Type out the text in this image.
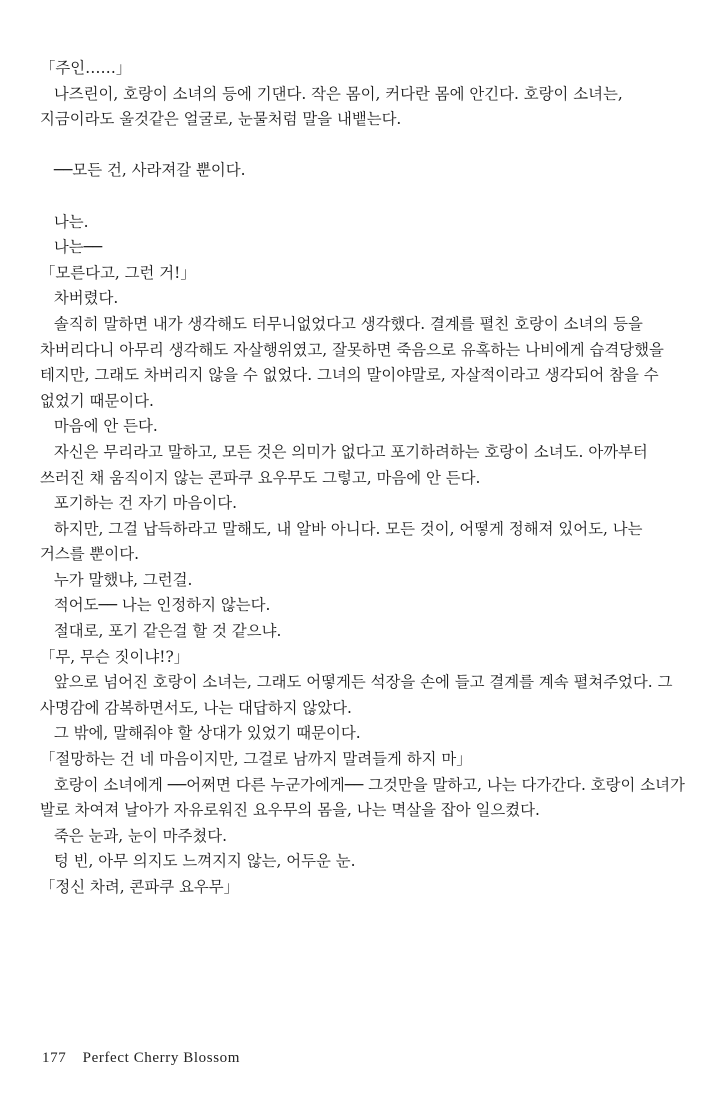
「주인……」

나즈린이, 호랑이 소녀의 등에 기댄다. 작은 몸이, 커다란 몸에 안긴다. 호랑이 소녀는, 지금이라도 울것같은 얼굴로, 눈물처럼 말을 내뱉는다.

──모든 건, 사라져갈 뿐이다.

나는.

나는──

「모른다고, 그런 거!」

차버렸다.

솔직히 말하면 내가 생각해도 터무니없었다고 생각했다. 결계를 펼친 호랑이 소녀의 등을 차버리다니 아무리 생각해도 자살행위였고, 잘못하면 죽음으로 유혹하는 나비에게 습격당했을 테지만, 그래도 차버리지 않을 수 없었다. 그녀의 말이야말로, 자살적이라고 생각되어 참을 수 없었기 때문이다.

마음에 안 든다.

자신은 무리라고 말하고, 모든 것은 의미가 없다고 포기하려하는 호랑이 소녀도. 아까부터 쓰러진 채 움직이지 않는 콘파쿠 요우무도 그렇고, 마음에 안 든다.

포기하는 건 자기 마음이다.

하지만, 그걸 납득하라고 말해도, 내 알바 아니다. 모든 것이, 어떻게 정해져 있어도, 나는 거스를 뿐이다.

누가 말했냐, 그런걸.

적어도── 나는 인정하지 않는다.

절대로, 포기 같은걸 할 것 같으냐.

「무, 무슨 짓이냐!?」

앞으로 넘어진 호랑이 소녀는, 그래도 어떻게든 석장을 손에 들고 결계를 계속 펼쳐주었다. 그 사명감에 감복하면서도, 나는 대답하지 않았다.

그 밖에, 말해줘야 할 상대가 있었기 때문이다.

「절망하는 건 네 마음이지만, 그걸로 남까지 말려들게 하지 마」

호랑이 소녀에게 ──어쩌면 다른 누군가에게── 그것만을 말하고, 나는 다가간다. 호랑이 소녀가 발로 차여져 날아가 자유로워진 요우무의 몸을, 나는 멱살을 잡아 일으켰다.

죽은 눈과, 눈이 마주쳤다.

텅 빈, 아무 의지도 느껴지지 않는, 어두운 눈.

「정신 차려, 콘파쿠 요우무」

177 Perfect Cherry Blossom
